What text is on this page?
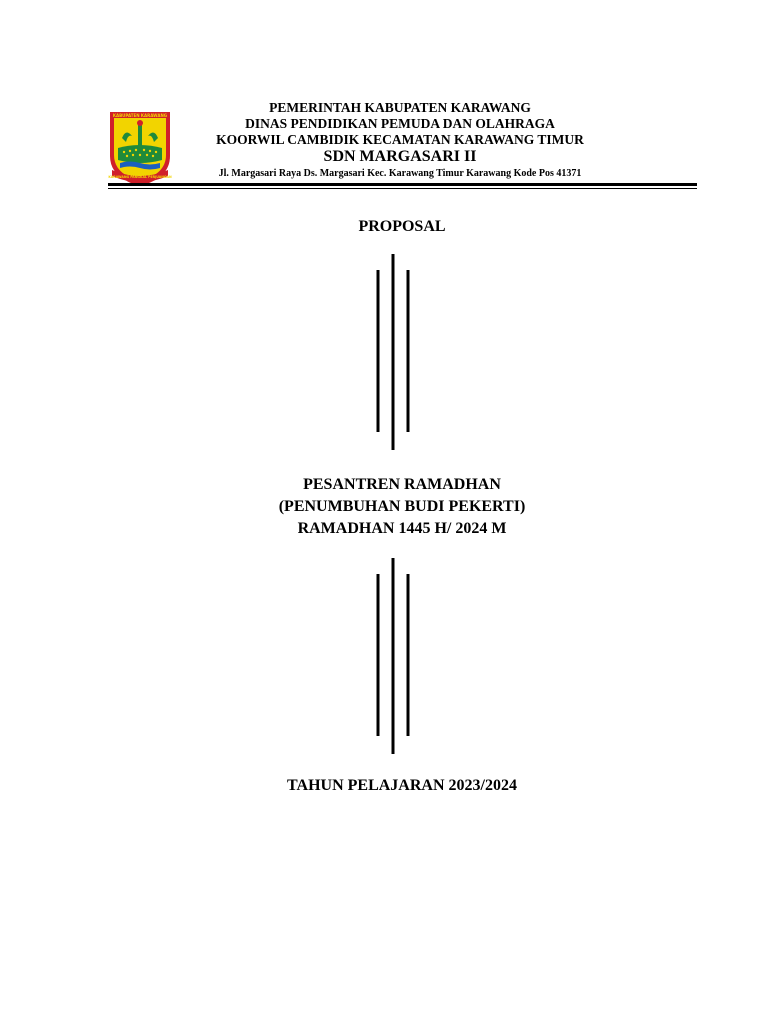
KABUPATEN KARAWANG
KARAWANG PANGKAL PERJUANGAN
PEMERINTAH KABUPATEN KARAWANG
DINAS PENDIDIKAN PEMUDA DAN OLAHRAGA
KOORWIL CAMBIDIK KECAMATAN KARAWANG TIMUR
SDN MARGASARI II
Jl. Margasari Raya Ds. Margasari Kec. Karawang Timur Karawang Kode Pos 41371
PROPOSAL
PESANTREN RAMADHAN
(PENUMBUHAN BUDI PEKERTI)
RAMADHAN 1445 H/ 2024 M
TAHUN PELAJARAN 2023/2024
